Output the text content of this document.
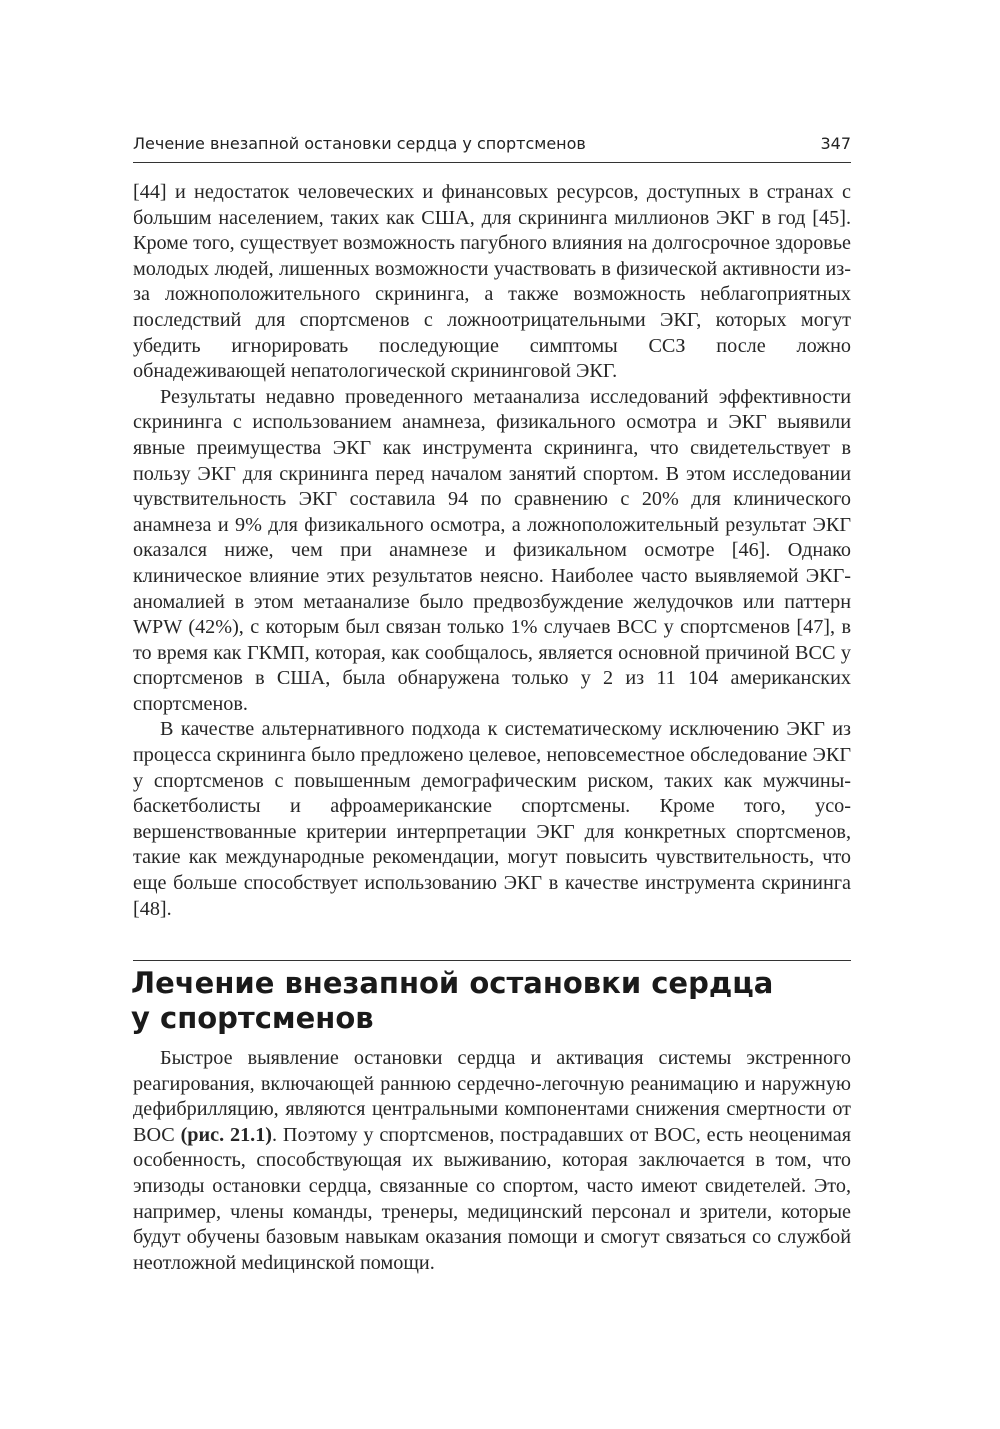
Лечение внезапной остановки сердца у спортсменов	347

[44] и недостаток человеческих и финансовых ресурсов, доступных в странах с большим населением, таких как США, для скрининга миллионов ЭКГ в год [45]. Кроме того, существует возможность пагубного влияния на долгосрочное здоровье молодых людей, лишенных возможности участвовать в физической активности из-за ложноположительного скрининга, а также возможность неблагоприятных последствий для спортсменов с ложноотрицательными ЭКГ, которых могут убедить игнорировать последующие симптомы ССЗ после ложно обнадеживающей непатологической скрининговой ЭКГ.

Результаты недавно проведенного метаанализа исследований эффективности скрининга с использованием анамнеза, физикального осмотра и ЭКГ выявили явные преимущества ЭКГ как инструмента скрининга, что свидетельствует в пользу ЭКГ для скрининга перед началом занятий спортом. В этом исследовании чувствительность ЭКГ составила 94 по сравнению с 20% для клинического анамнеза и 9% для физикального осмотра, а ложноположительный результат ЭКГ оказался ниже, чем при анамнезе и физикальном осмотре [46]. Однако клиническое влияние этих результатов неясно. Наиболее часто выявляемой ЭКГ-аномалией в этом метаанализе было предвозбуждение желудочков или паттерн WPW (42%), с которым был связан только 1% случаев ВСС у спортсменов [47], в то время как ГКМП, которая, как сообщалось, является основной причиной ВСС у спортсменов в США, была обнаружена только у 2 из 11 104 американских спортсменов.

В качестве альтернативного подхода к систематическому исключению ЭКГ из процесса скрининга было предложено целевое, неповсеместное обследование ЭКГ у спортсменов с повышенным демографическим риском, таких как мужчины-баскетболисты и афроамериканские спортсмены. Кроме того, усовершенствованные критерии интерпретации ЭКГ для конкретных спортсменов, такие как международные рекомендации, могут повысить чувствительность, что еще больше способствует использованию ЭКГ в качестве инструмента скрининга [48].

Лечение внезапной остановки сердца
у спортсменов

Быстрое выявление остановки сердца и активация системы экстренного реагирования, включающей раннюю сердечно-легочную реанимацию и наружную дефибрилляцию, являются центральными компонентами снижения смертности от ВОС (рис. 21.1). Поэтому у спортсменов, пострадавших от ВОС, есть неоценимая особенность, способствующая их выживанию, которая заключается в том, что эпизоды остановки сердца, связанные со спортом, часто имеют свидетелей. Это, например, члены команды, тренеры, медицинский персонал и зрители, которые будут обучены базовым навыкам оказания помощи и смогут связаться со службой неотложной меdицинской помощи.
